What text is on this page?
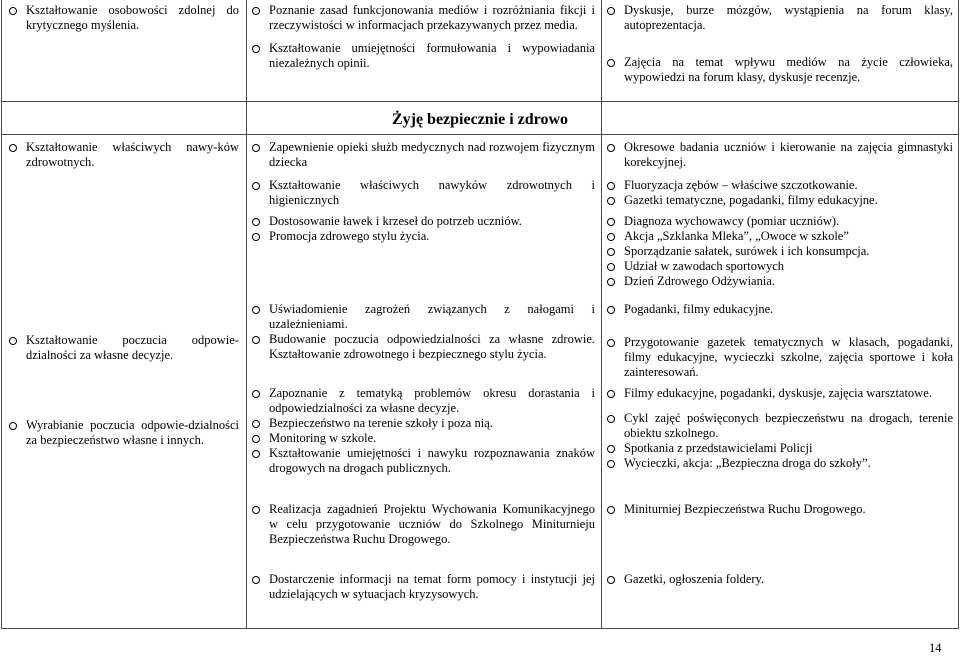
Kształtowanie osobowości zdolnej do krytycznego myślenia.
Poznanie zasad funkcjonowania mediów i rozróżniania fikcji i rzeczywistości w informacjach przekazywanych przez media.
Kształtowanie umiejętności formułowania i wypowiadania niezależnych opinii.
Dyskusje, burze mózgów, wystąpienia na forum klasy, autoprezentacja.
Zajęcia na temat wpływu mediów na życie człowieka, wypowiedzi na forum klasy, dyskusje recenzje.
Żyję bezpiecznie i zdrowo
Kształtowanie właściwych nawy-ków zdrowotnych.
Kształtowanie poczucia odpowie-dzialności za własne decyzje.
Wyrabianie poczucia odpowie-dzialności za bezpieczeństwo własne i innych.
Zapewnienie opieki służb medycznych nad rozwojem fizycznym dziecka
Kształtowanie właściwych nawyków zdrowotnych i higienicznych
Okresowe badania uczniów i kierowanie na zajęcia gimnastyki korekcyjnej.
Fluoryzacja zębów – właściwe szczotkowanie.
Gazetki tematyczne, pogadanki, filmy edukacyjne.
Dostosowanie ławek i krzeseł do potrzeb uczniów.
Promocja zdrowego stylu życia.
Diagnoza wychowawcy (pomiar uczniów).
Akcja „Szklanka Mleka”, „Owoce w szkole”
Sporządzanie sałatek, surówek i ich konsumpcja.
Udział w zawodach sportowych
Dzień Zdrowego Odżywiania.
Uświadomienie zagrożeń związanych z nałogami i uzależnieniami.
Budowanie poczucia odpowiedzialności za własne zdrowie. Kształtowanie zdrowotnego i bezpiecznego stylu życia.
Pogadanki, filmy edukacyjne.
Przygotowanie gazetek tematycznych w klasach, pogadanki, filmy edukacyjne, wycieczki szkolne, zajęcia sportowe i koła zainteresowań.
Zapoznanie z tematyką problemów okresu dorastania i odpowiedzialności za własne decyzje.
Bezpieczeństwo na terenie szkoły i poza nią.
Monitoring w szkole.
Kształtowanie umiejętności i nawyku rozpoznawania znaków drogowych na drogach publicznych.
Filmy edukacyjne, pogadanki, dyskusje, zajęcia warsztatowe.
Cykl zajęć poświęconych bezpieczeństwu na drogach, terenie obiektu szkolnego.
Spotkania z przedstawicielami Policji
Wycieczki, akcja: „Bezpieczna droga do szkoły”.
Realizacja zagadnień Projektu Wychowania Komunikacyjnego w celu przygotowanie uczniów do Szkolnego Miniturnieju Bezpieczeństwa Ruchu Drogowego.
Miniturniej Bezpieczeństwa Ruchu Drogowego.
Dostarczenie informacji na temat form pomocy i instytucji jej udzielających w sytuacjach kryzysowych.
Gazetki, ogłoszenia foldery.
14
